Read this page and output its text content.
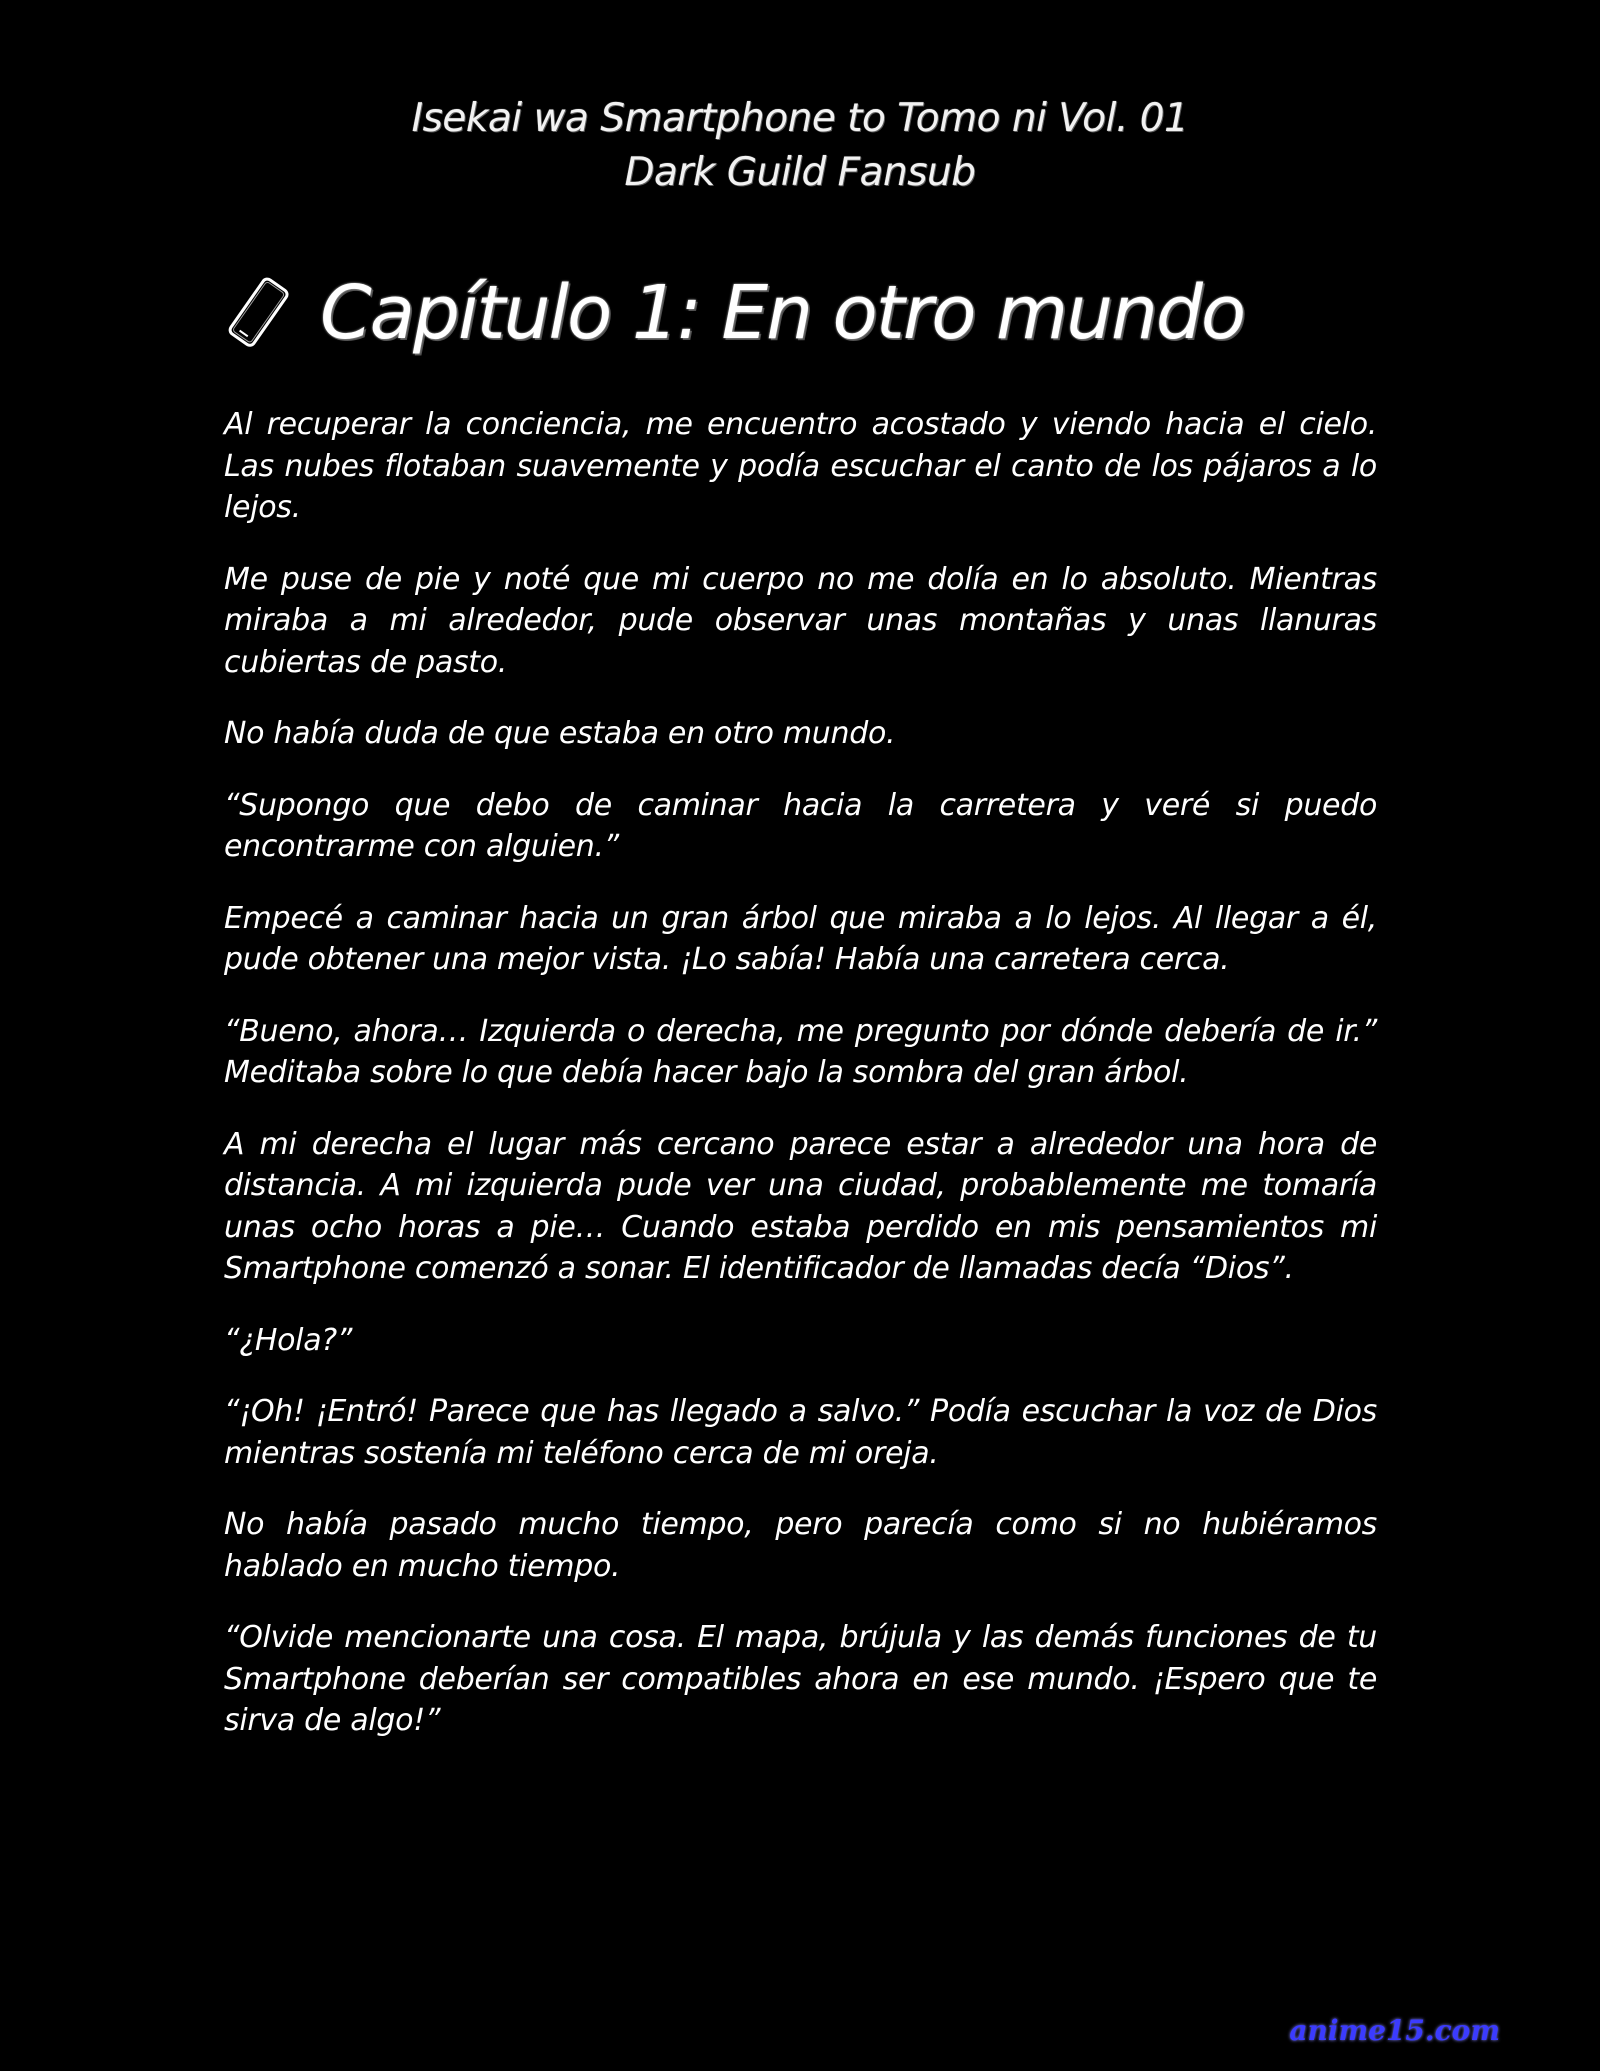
Isekai wa Smartphone to Tomo ni Vol. 01
Dark Guild Fansub
Capítulo 1: En otro mundo

Al recuperar la conciencia, me encuentro acostado y viendo hacia el cielo. Las nubes flotaban suavemente y podía escuchar el canto de los pájaros a lo lejos.

Me puse de pie y noté que mi cuerpo no me dolía en lo absoluto. Mientras miraba a mi alrededor, pude observar unas montañas y unas llanuras cubiertas de pasto.

No había duda de que estaba en otro mundo.

“Supongo que debo de caminar hacia la carretera y veré si puedo encontrarme con alguien.”

Empecé a caminar hacia un gran árbol que miraba a lo lejos. Al llegar a él, pude obtener una mejor vista. ¡Lo sabía! Había una carretera cerca.

“Bueno, ahora… Izquierda o derecha, me pregunto por dónde debería de ir.” Meditaba sobre lo que debía hacer bajo la sombra del gran árbol.

A mi derecha el lugar más cercano parece estar a alrededor una hora de distancia. A mi izquierda pude ver una ciudad, probablemente me tomaría unas ocho horas a pie… Cuando estaba perdido en mis pensamientos mi Smartphone comenzó a sonar. El identificador de llamadas decía “Dios”.

“¿Hola?”

“¡Oh! ¡Entró! Parece que has llegado a salvo.” Podía escuchar la voz de Dios mientras sostenía mi teléfono cerca de mi oreja.

No había pasado mucho tiempo, pero parecía como si no hubiéramos hablado en mucho tiempo.

“Olvide mencionarte una cosa. El mapa, brújula y las demás funciones de tu Smartphone deberían ser compatibles ahora en ese mundo. ¡Espero que te sirva de algo!”

anime15.com
